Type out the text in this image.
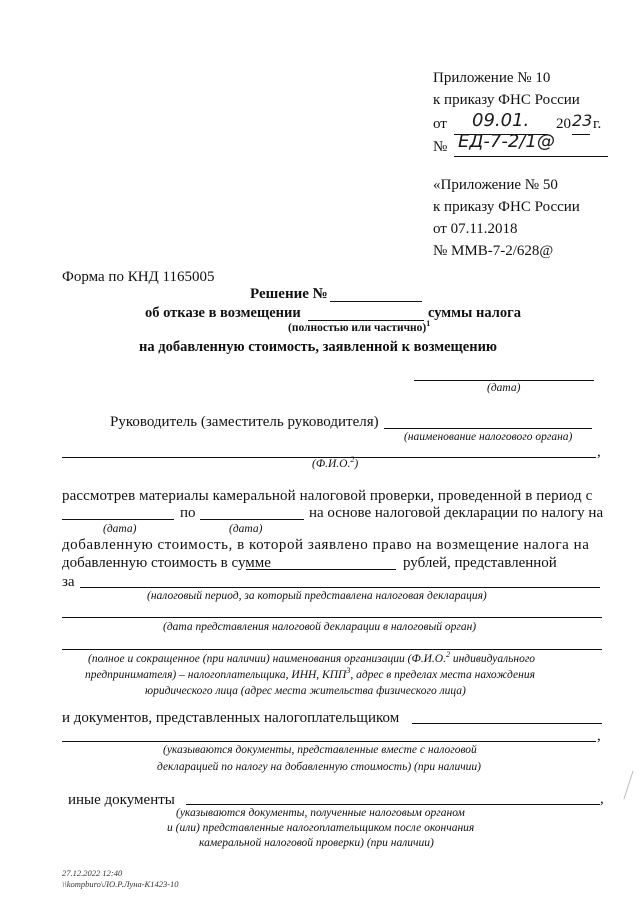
Приложение № 10
к приказу ФНС России
от 09.01. 20 23 г.
№ ЕД-7-2/1@
«Приложение № 50
к приказу ФНС России
от 07.11.2018
№ ММВ-7-2/628@
Форма по КНД 1165005
Решение №
об отказе в возмещении	суммы налога
(полностью или частично)$^1$
на добавленную стоимость, заявленной к возмещению
(дата)
Руководитель (заместитель руководителя)
(наименование налогового органа)
,
(Ф.И.О.$^2$)
рассмотрев материалы камеральной налоговой проверки, проведенной в период с
по	на основе налоговой декларации по налогу на
(дата)	(дата)
добавленную стоимость, в которой заявлено право на возмещение налога на
добавленную стоимость в сумме	рублей, представленной
за
(налоговый период, за который представлена налоговая декларация)
(дата представления налоговой декларации в налоговый орган)
(полное и сокращенное (при наличии) наименования организации (Ф.И.О.$^2$ индивидуального
предпринимателя) – налогоплательщика, ИНН, КПП$^3$, адрес в пределах места нахождения
юридического лица (адрес места жительства физического лица)
и документов, представленных налогоплательщиком
,
(указываются документы, представленные вместе с налоговой
декларацией по налогу на добавленную стоимость) (при наличии)
иные документы	,
(указываются документы, полученные налоговым органом
и (или) представленные налогоплательщиком после окончания
камеральной налоговой проверки) (при наличии)
27.12.2022 12:40
\\kompburo\ЛО.Р.Луна-К1423-10
